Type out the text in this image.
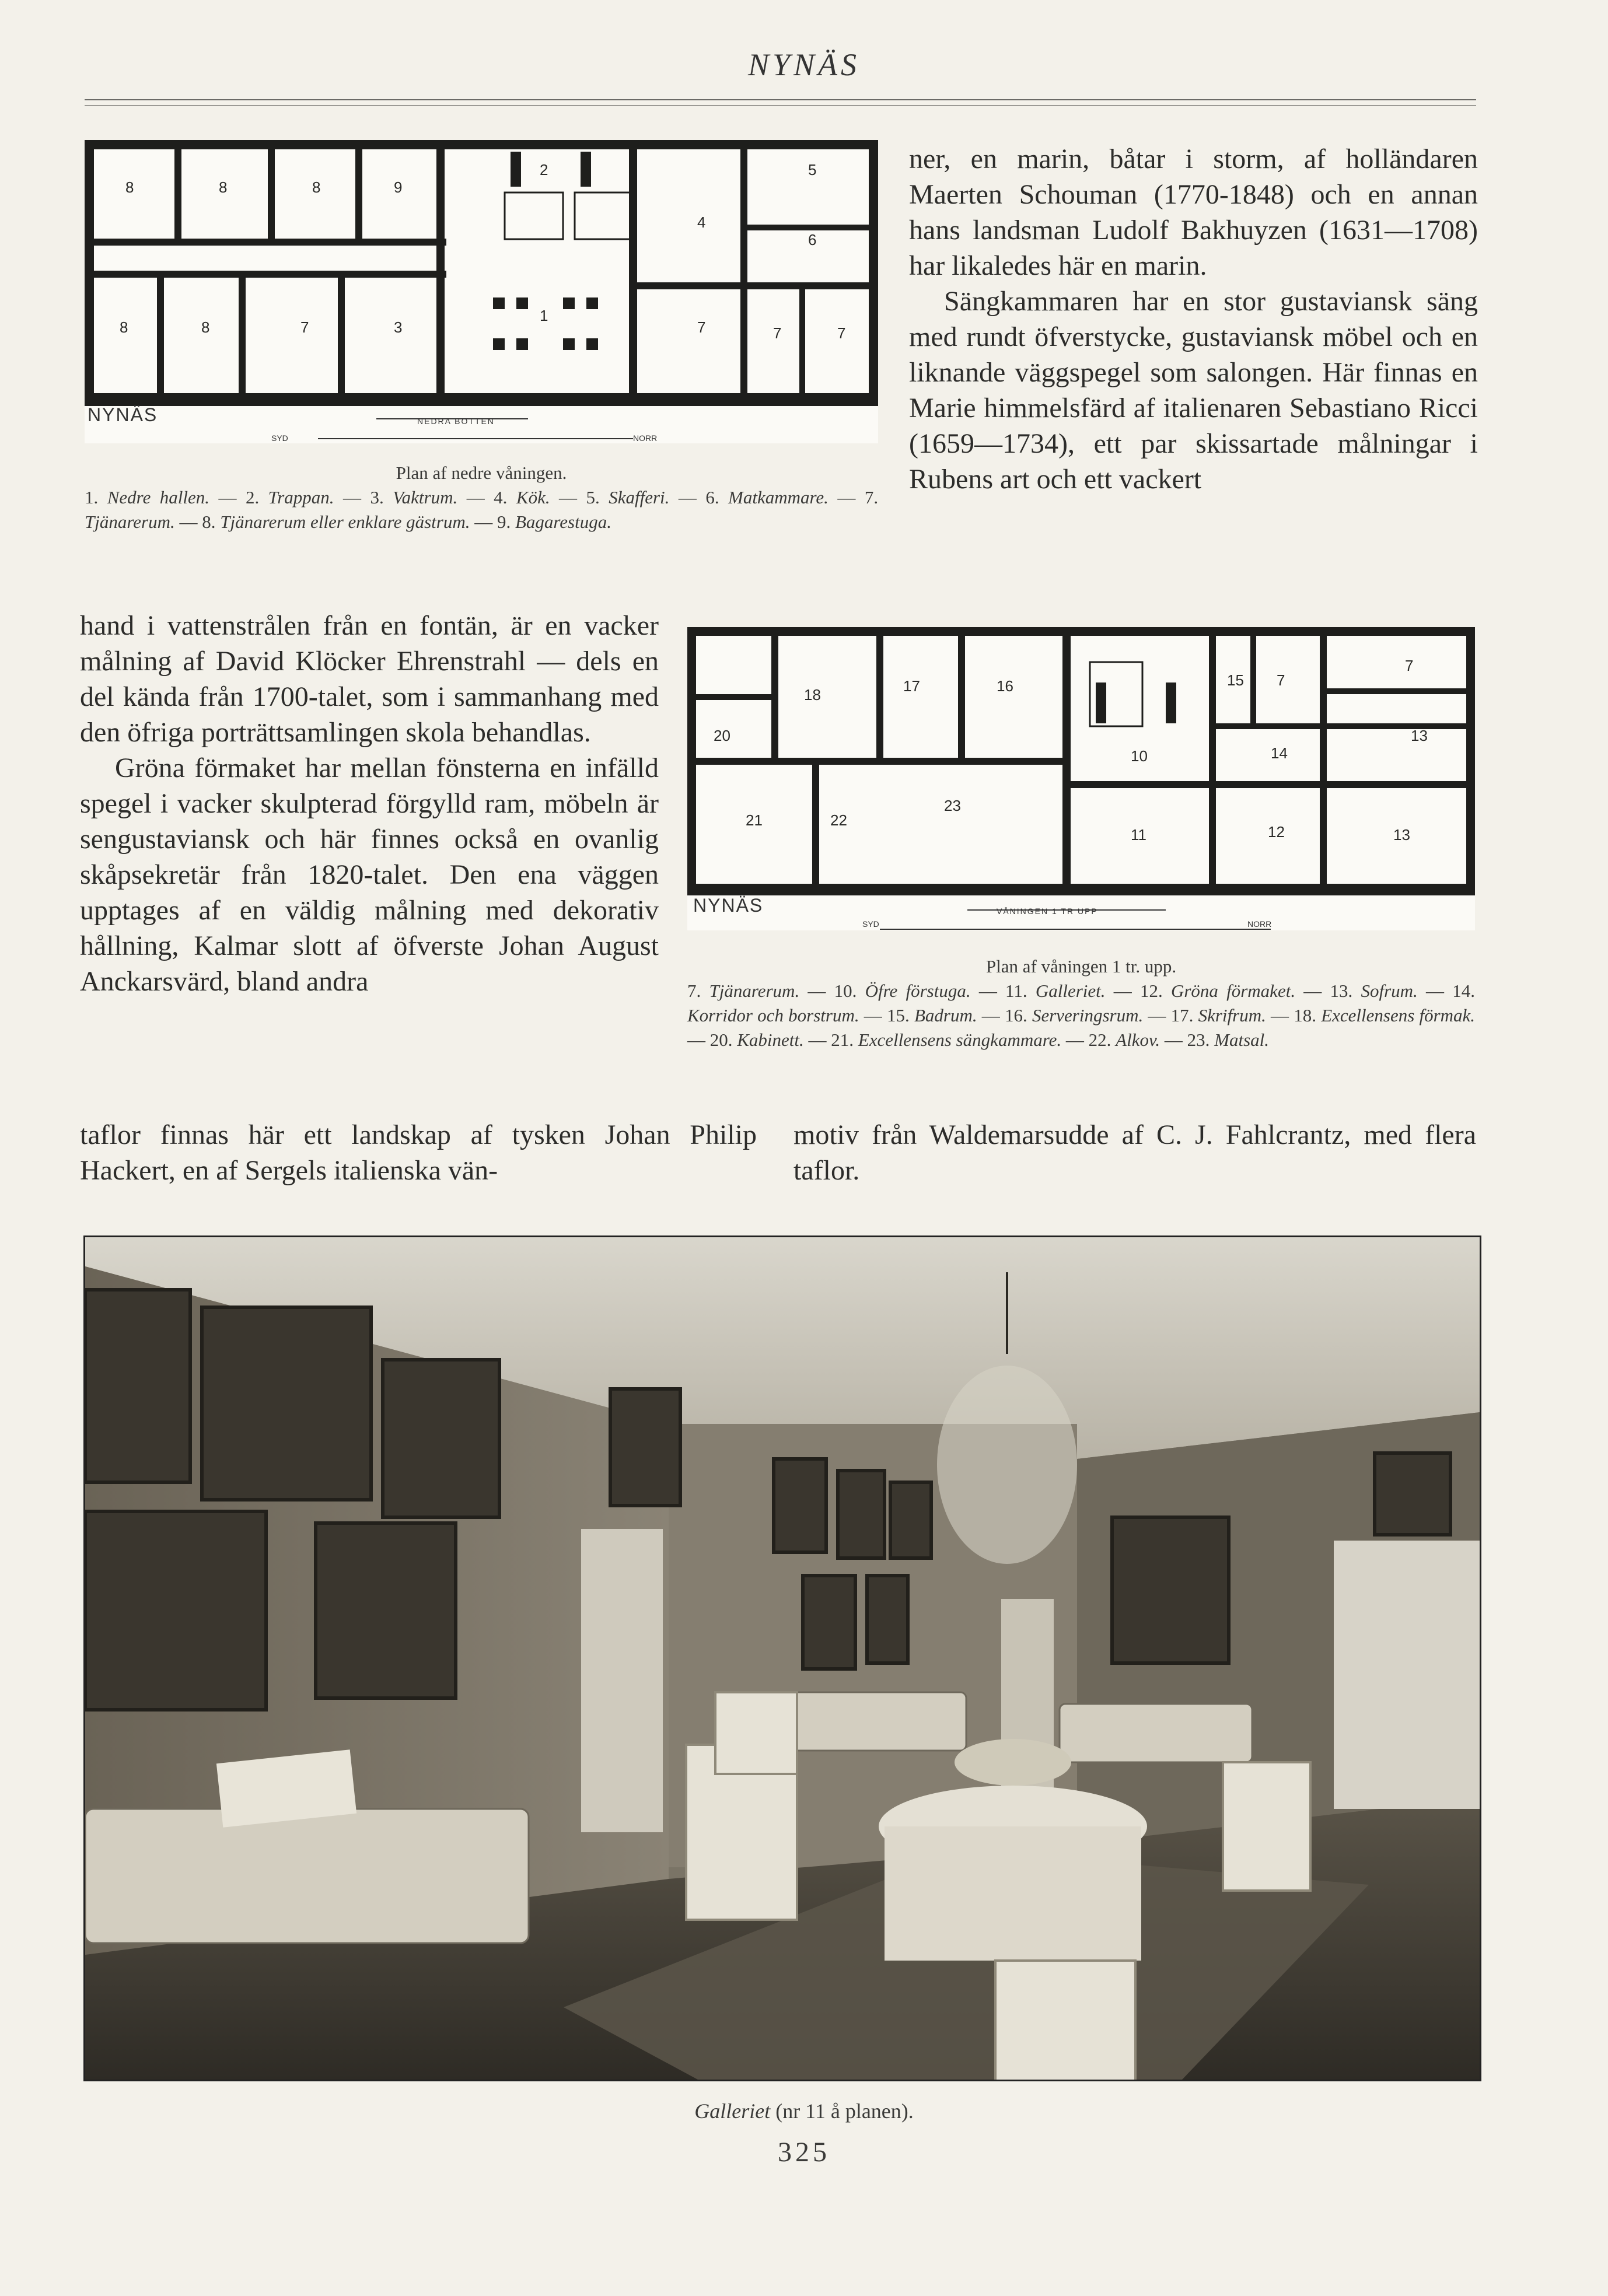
NYNÄS
8	8	8	9
2	5
4
6
8	8	7	3
1
7	7	7
NYNÄS	NEDRA BOTTEN
SYD	NORR
Plan af nedre våningen.
1. Nedre hallen. — 2. Trappan. — 3. Vaktrum. — 4. Kök. — 5. Skafferi. — 6. Matkammare. — 7. Tjänarerum. — 8. Tjänarerum eller enklare gästrum. — 9. Bagarestuga.

ner, en marin, båtar i storm, af holländaren Maerten Schouman (1770-1848) och en annan hans landsman Ludolf Bakhuyzen (1631—1708) har likaledes här en marin.

Sängkammaren har en stor gustaviansk säng med rundt öfverstycke, gustaviansk möbel och en liknande väggspegel som salongen. Här finnas en Marie himmelsfärd af italienaren Sebastiano Ricci (1659—1734), ett par skissartade målningar i Rubens art och ett vackert

hand i vattenstrålen från en fontän, är en vacker målning af David Klöcker Ehrenstrahl — dels en del kända från 1700-talet, som i sammanhang med den öfriga porträttsamlingen skola behandlas.

Gröna förmaket har mellan fönsterna en infälld spegel i vacker skulpterad förgylld ram, möbeln är sengustaviansk och här finnes också en ovanlig skåpsekretär från 1820-talet. Den ena väggen upptages af en väldig målning med dekorativ hållning, Kalmar slott af öfverste Johan August Anckarsvärd, bland andra

18	17	16	15 7
7
20
10	14
13
21	22
23
11	12	13
NYNÄS	VÅNINGEN 1 TR UPP
SYD	NORR
Plan af våningen 1 tr. upp.
7. Tjänarerum. — 10. Öfre förstuga. — 11. Galleriet. — 12. Gröna förmaket. — 13. Sofrum. — 14. Korridor och borstrum. — 15. Badrum. — 16. Serveringsrum. — 17. Skrifrum. — 18. Excellensens förmak. — 20. Kabinett. — 21. Excellensens sängkammare. — 22. Alkov. — 23. Matsal.
taflor finnas här ett landskap af tysken Johan Philip Hackert, en af Sergels italienska vän-
motiv från Waldemarsudde af C. J. Fahlcrantz, med flera taflor.
Galleriet (nr 11 å planen).
325
